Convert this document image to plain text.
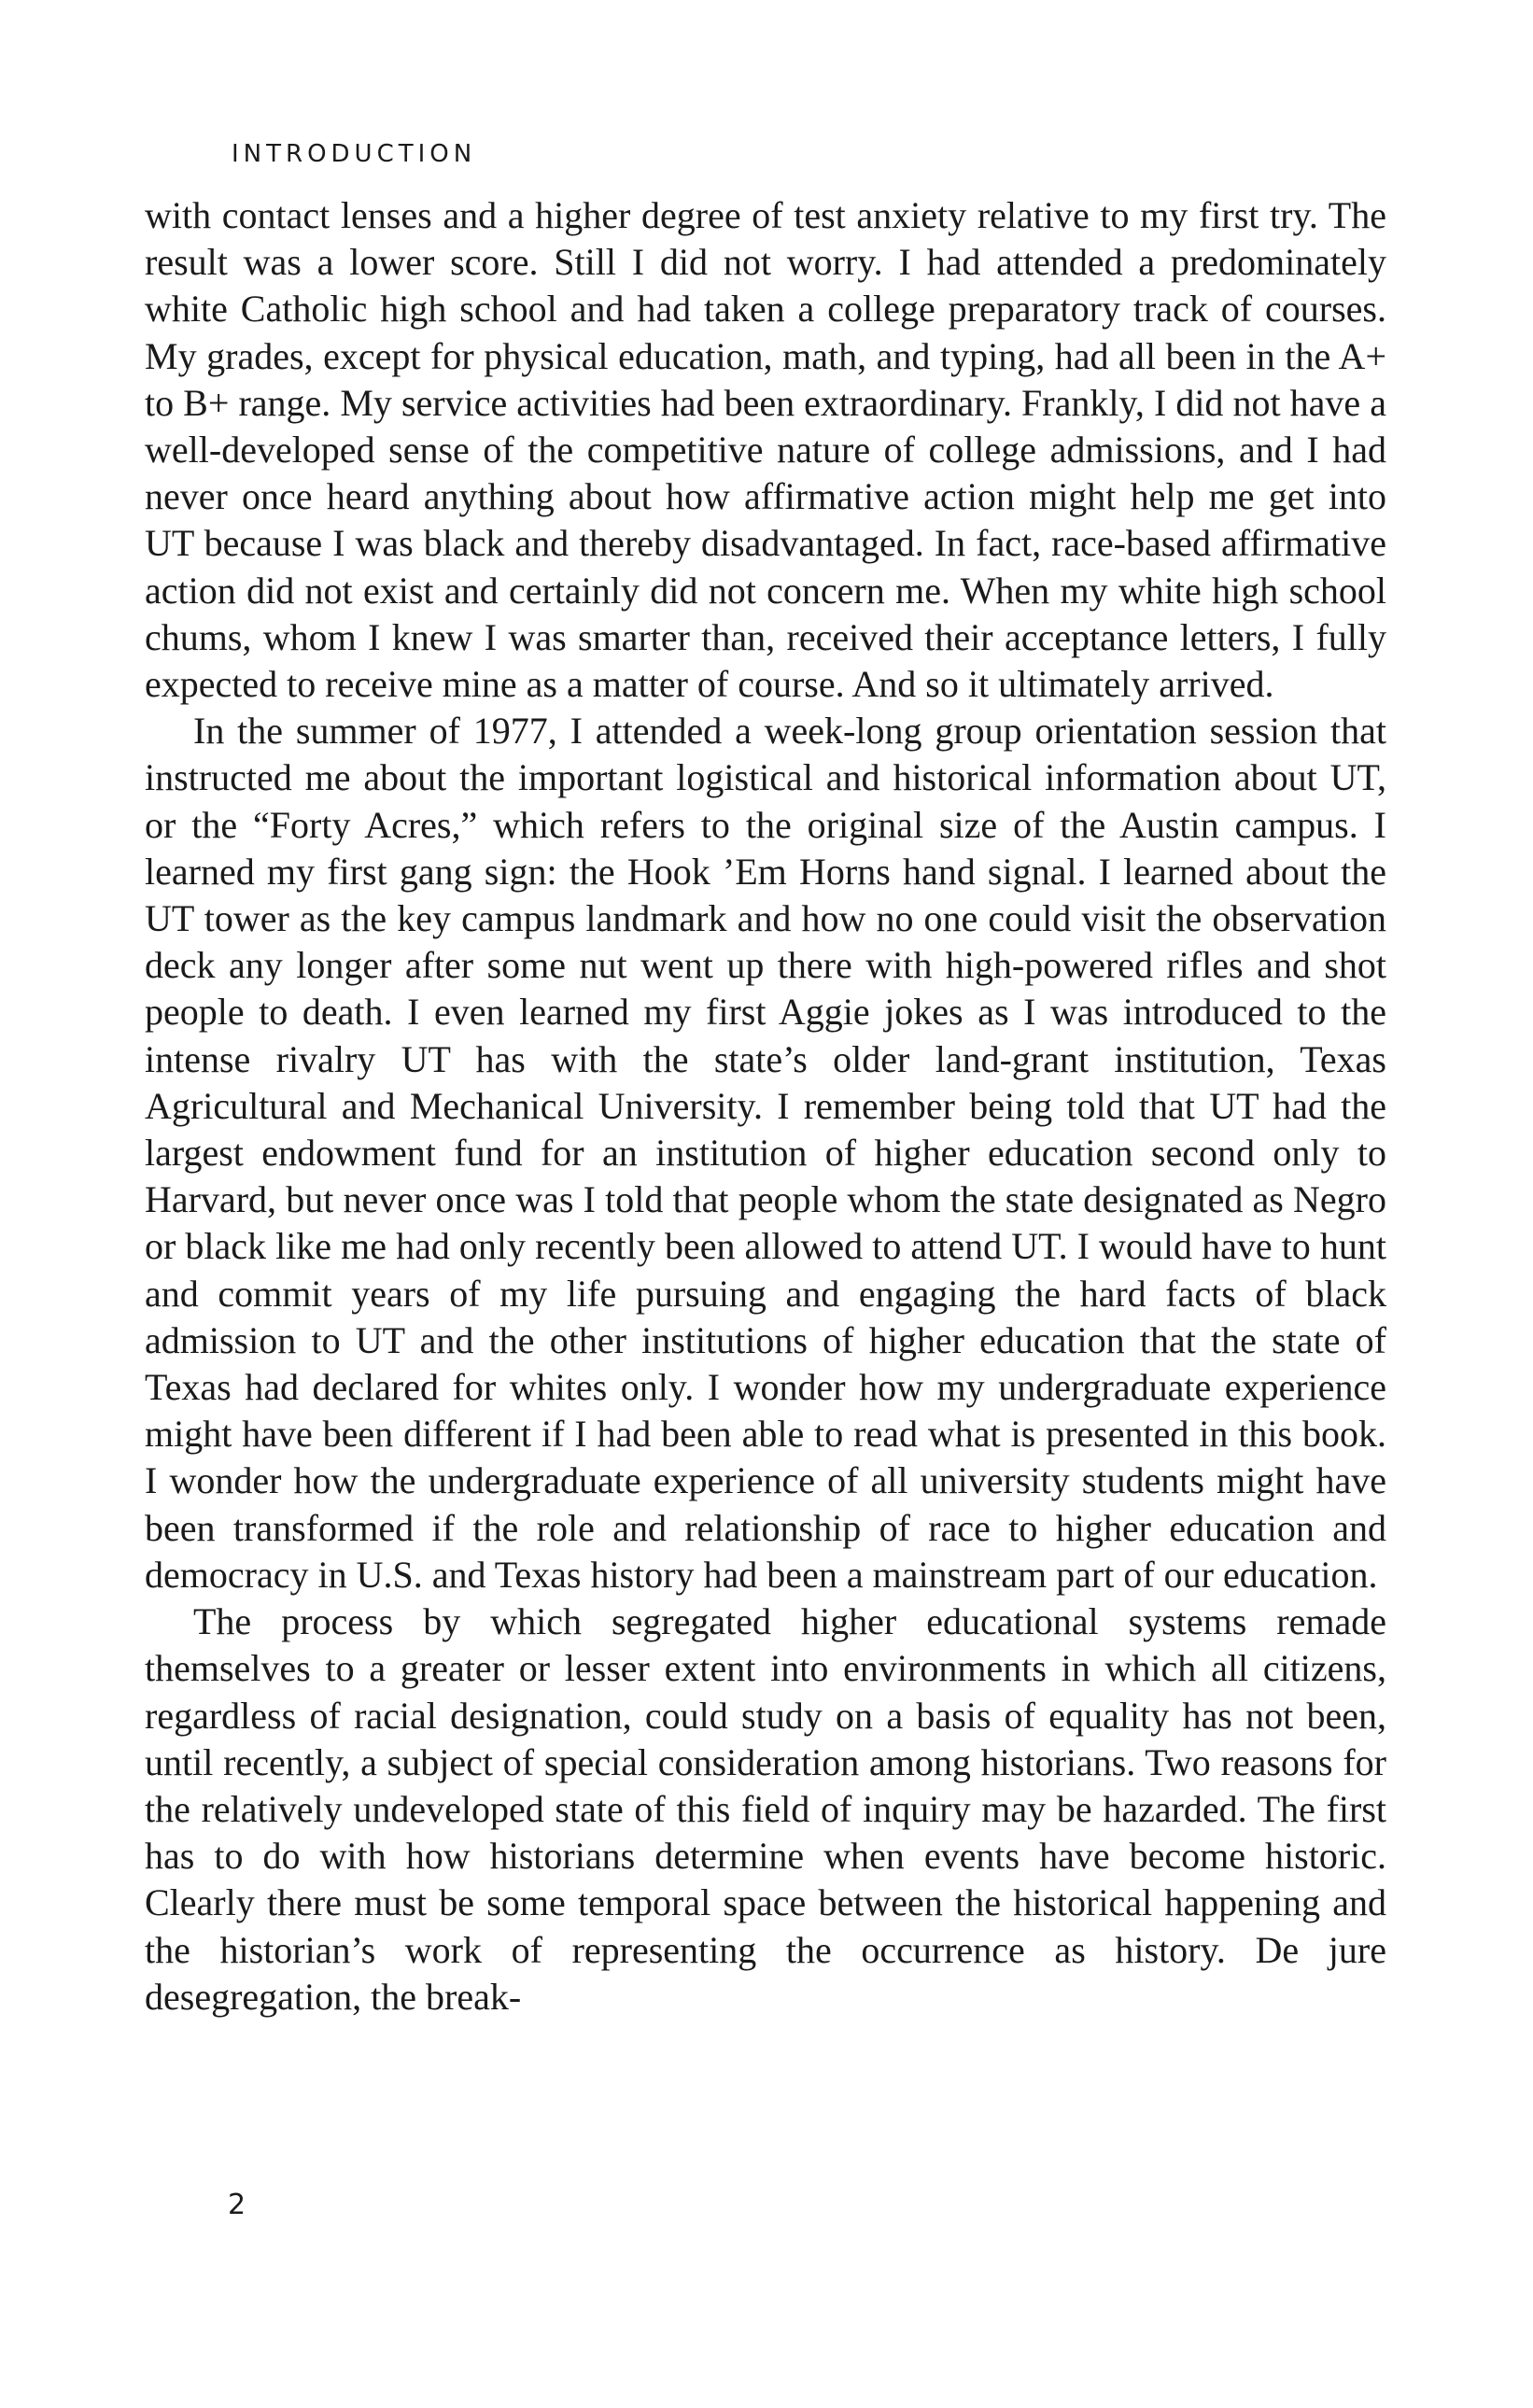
INTRODUCTION

with contact lenses and a higher degree of test anxiety relative to my first try. The result was a lower score. Still I did not worry. I had attended a predominately white Catholic high school and had taken a college preparatory track of courses. My grades, except for physical education, math, and typing, had all been in the A+ to B+ range. My service activities had been extraordinary. Frankly, I did not have a well-developed sense of the competitive nature of college admissions, and I had never once heard anything about how affirmative action might help me get into UT because I was black and thereby disadvantaged. In fact, race-based affirmative action did not exist and certainly did not concern me. When my white high school chums, whom I knew I was smarter than, received their acceptance letters, I fully expected to receive mine as a matter of course. And so it ultimately arrived.

In the summer of 1977, I attended a week-long group orientation session that instructed me about the important logistical and historical information about UT, or the “Forty Acres,” which refers to the original size of the Austin campus. I learned my first gang sign: the Hook ’Em Horns hand signal. I learned about the UT tower as the key campus landmark and how no one could visit the observation deck any longer after some nut went up there with high-powered rifles and shot people to death. I even learned my first Aggie jokes as I was introduced to the intense rivalry UT has with the state’s older land-grant institution, Texas Agricultural and Mechanical University. I remember being told that UT had the largest endowment fund for an institution of higher education second only to Harvard, but never once was I told that people whom the state designated as Negro or black like me had only recently been allowed to attend UT. I would have to hunt and commit years of my life pursuing and engaging the hard facts of black admission to UT and the other institutions of higher education that the state of Texas had declared for whites only. I wonder how my undergraduate experience might have been different if I had been able to read what is presented in this book. I wonder how the undergraduate experience of all university students might have been transformed if the role and relationship of race to higher education and democracy in U.S. and Texas history had been a mainstream part of our education.

The process by which segregated higher educational systems remade themselves to a greater or lesser extent into environments in which all citizens, regardless of racial designation, could study on a basis of equality has not been, until recently, a subject of special consideration among historians. Two reasons for the relatively undeveloped state of this field of inquiry may be hazarded. The first has to do with how historians determine when events have become historic. Clearly there must be some temporal space between the historical happening and the historian’s work of representing the occurrence as history. De jure desegregation, the break-

2
